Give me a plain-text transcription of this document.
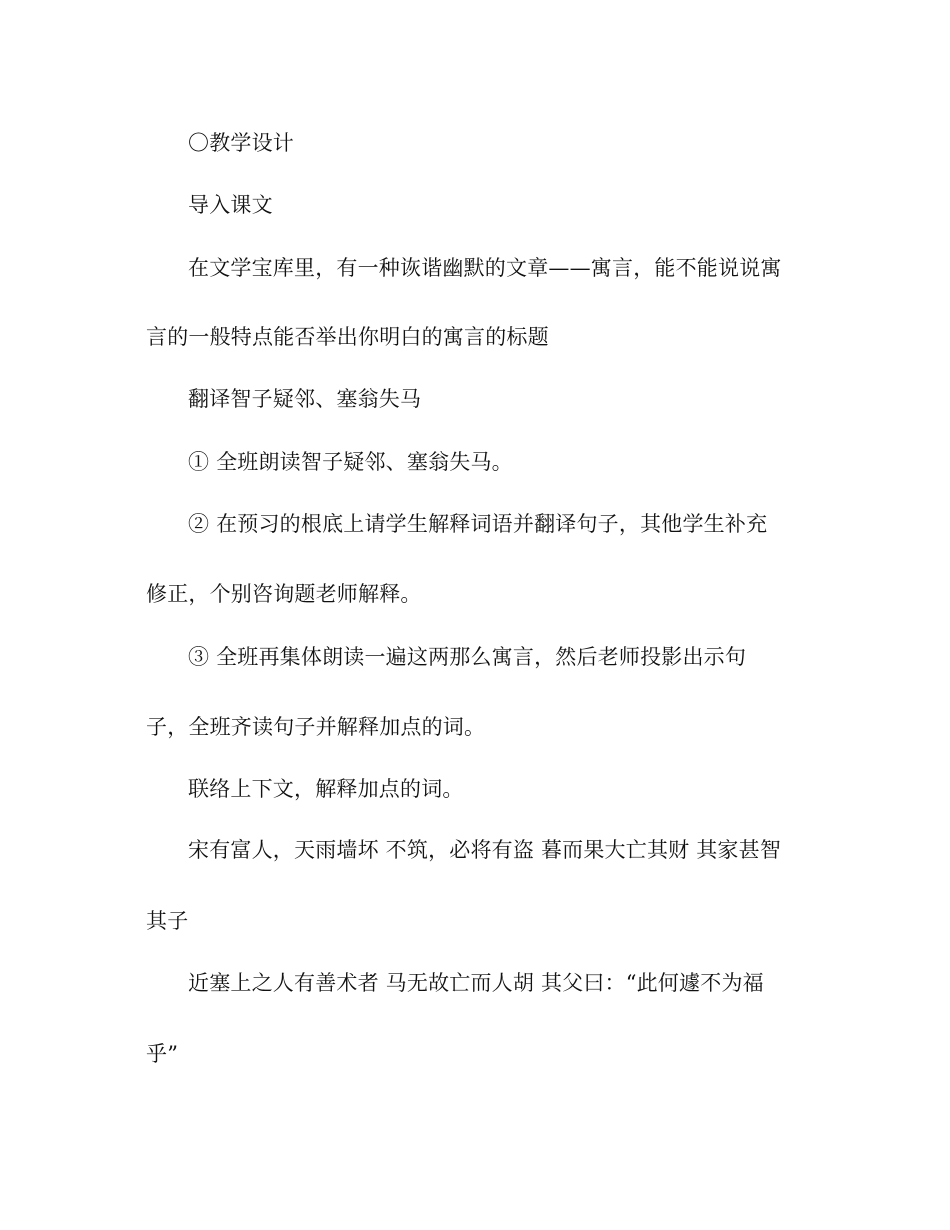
〇教学设计
导入课文
在文学宝库里，有一种诙谐幽默的文章——寓言，能不能说说寓
言的一般特点能否举出你明白的寓言的标题
翻译智子疑邻、塞翁失马
① 全班朗读智子疑邻、塞翁失马。
② 在预习的根底上请学生解释词语并翻译句子，其他学生补充
修正，个别咨询题老师解释。
③ 全班再集体朗读一遍这两那么寓言，然后老师投影出示句
子，全班齐读句子并解释加点的词。
联络上下文，解释加点的词。
宋有富人，天雨墙坏 不筑，必将有盗 暮而果大亡其财 其家甚智
其子
近塞上之人有善术者 马无故亡而人胡 其父曰：“此何遽不为福
乎”
